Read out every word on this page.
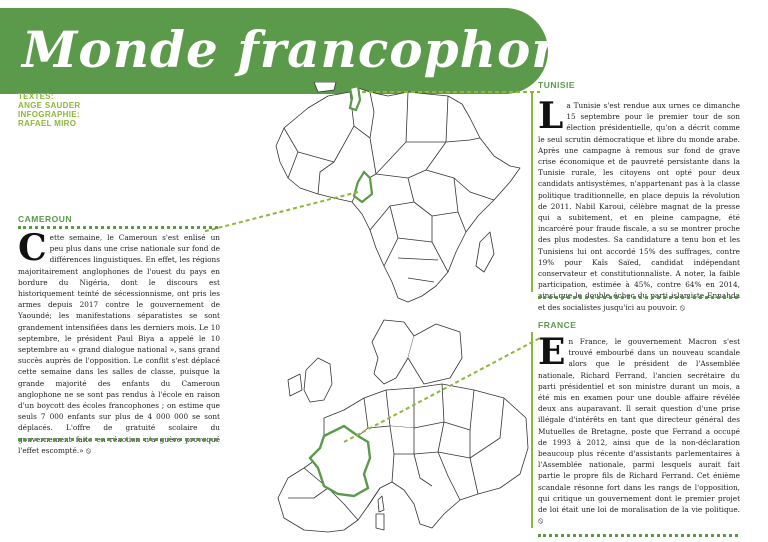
Monde francophone
TEXTES:
ANGE SAUDER
INFOGRAPHIE:
RAFAEL MIRO
CAMEROUN
Cette semaine, le Cameroun s'est enlisé un peu plus dans une crise nationale sur fond de différences linguistiques. En effet, les régions majoritairement anglophones de l'ouest du pays en bordure du Nigéria, dont le discours est historiquement teinté de sécessionnisme, ont pris les armes depuis 2017 contre le gouvernement de Yaoundé; les manifestations séparatistes se sont grandement intensifiées dans les derniers mois. Le 10 septembre, le président Paul Biya a appelé le 10 septembre au « grand dialogue national », sans grand succès auprès de l'opposition. Le conflit s'est déplacé cette semaine dans les salles de classe, puisque la grande majorité des enfants du Cameroun anglophone ne se sont pas rendus à l'école en raison d'un boycott des écoles francophones ; on estime que seuls 7 000 enfants sur plus de 4 000 000 se sont déplacés. L'offre de gratuité scolaire du gouvernement faite en réaction n'a guère provoqué l'effet escompté.» ⦸
TUNISIE
La Tunisie s'est rendue aux urnes ce dimanche 15 septembre pour le premier tour de son élection présidentielle, qu'on a décrit comme le seul scrutin démocratique et libre du monde arabe. Après une campagne à remous sur fond de grave crise économique et de pauvreté persistante dans la Tunisie rurale, les citoyens ont opté pour deux candidats antisystèmes, n'appartenant pas à la classe politique traditionnelle, en place depuis la révolution de 2011. Nabil Karoui, célèbre magnat de la presse qui a subitement, et en pleine campagne, été incarcéré pour fraude fiscale, a su se montrer proche des plus modestes. Sa candidature a tenu bon et les Tunisiens lui ont accordé 15% des suffrages, contre 19% pour Kaïs Saïed, candidat indépendant conservateur et constitutionnaliste. A noter, la faible participation, estimée à 45%, contre 64% en 2014, ainsi que le double échec du parti islamiste Ennahda et des socialistes jusqu'ici au pouvoir. ⦸
FRANCE
En France, le gouvernement Macron s'est trouvé embourbé dans un nouveau scandale alors que le président de l'Assemblée nationale, Richard Ferrand, l'ancien secrétaire du parti présidentiel et son ministre durant un mois, a été mis en examen pour une double affaire révélée deux ans auparavant. Il serait question d'une prise illégale d'intérêts en tant que directeur général des Mutuelles de Bretagne, poste que Ferrand a occupé de 1993 à 2012, ainsi que de la non-déclaration beaucoup plus récente d'assistants parlementaires à l'Assemblée nationale, parmi lesquels aurait fait partie le propre fils de Richard Ferrand. Cet énième scandale résonne fort dans les rangs de l'opposition, qui critique un gouvernement dont le premier projet de loi était une loi de moralisation de la vie politique. ⦸
